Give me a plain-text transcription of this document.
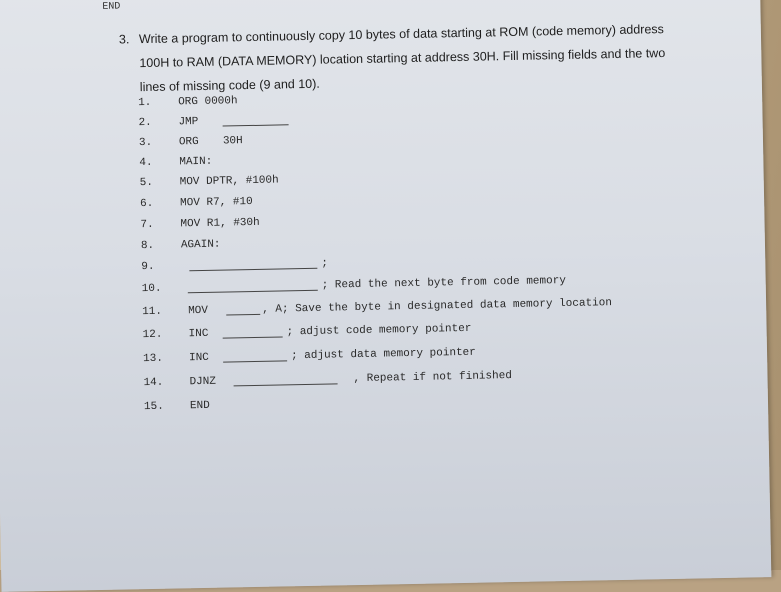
END
3. Write a program to continuously copy 10 bytes of data starting at ROM (code memory) address 100H to RAM (DATA MEMORY) location starting at address 30H. Fill missing fields and the two lines of missing code (9 and 10).
1.	ORG 0000h
2.	JMP
3.	ORG 30H
4.	MAIN:
5.	MOV DPTR, #100h
6.	MOV R7, #10
7.	MOV R1, #30h
8.	AGAIN:
9.	;
10.	; Read the next byte from code memory
11.	MOV	, A; Save the byte in designated data memory location
12.	INC	; adjust code memory pointer
13.	INC	; adjust data memory pointer
14.	DJNZ	, Repeat if not finished
15.	END
